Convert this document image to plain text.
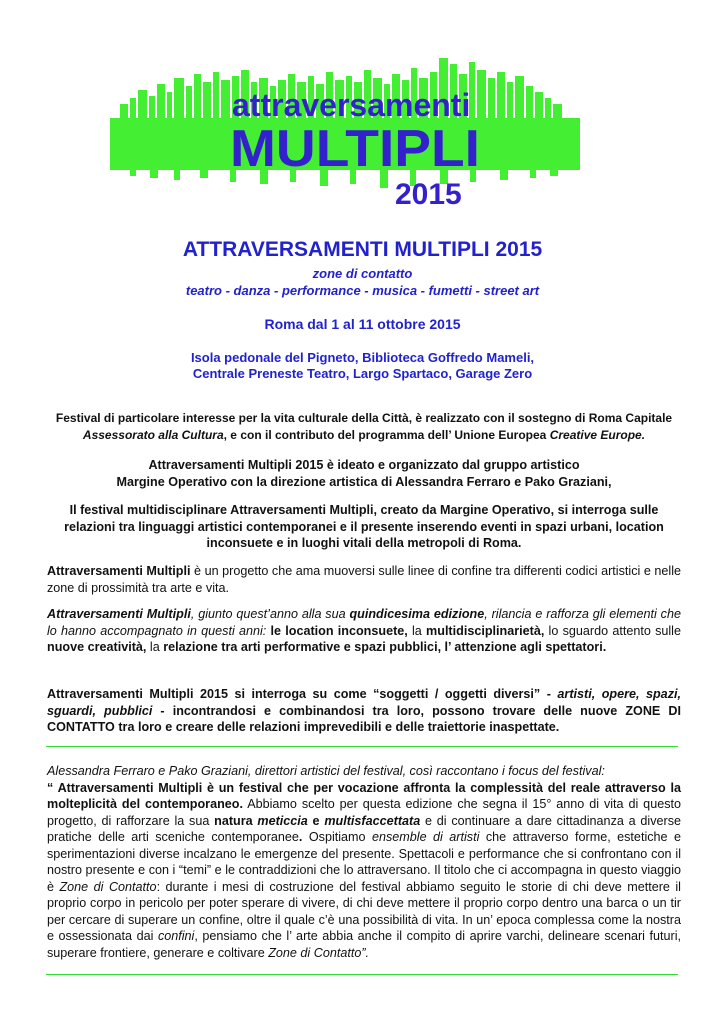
attraversamenti
MULTIPLI
2015
ATTRAVERSAMENTI MULTIPLI 2015
zone di contatto
teatro - danza - performance - musica - fumetti - street art
Roma dal 1 al 11 ottobre 2015
Isola pedonale del Pigneto, Biblioteca Goffredo Mameli,
Centrale Preneste Teatro, Largo Spartaco, Garage Zero
Festival di particolare interesse per la vita culturale della Città, è realizzato con il sostegno di Roma Capitale
Assessorato alla Cultura, e con il contributo del programma dell’ Unione Europea Creative Europe.
Attraversamenti Multipli 2015 è ideato e organizzato dal gruppo artistico
Margine Operativo con la direzione artistica di Alessandra Ferraro e Pako Graziani,
Il festival multidisciplinare Attraversamenti Multipli, creato da Margine Operativo, si interroga sulle relazioni tra linguaggi artistici contemporanei e il presente inserendo eventi in spazi urbani, location inconsuete e in luoghi vitali della metropoli di Roma.
Attraversamenti Multipli è un progetto che ama muoversi sulle linee di confine tra differenti codici artistici e nelle zone di prossimità tra arte e vita.
Attraversamenti Multipli, giunto quest’anno alla sua quindicesima edizione, rilancia e rafforza gli elementi che lo hanno accompagnato in questi anni: le location inconsuete, la multidisciplinarietà, lo sguardo attento sulle nuove creatività, la relazione tra arti performative e spazi pubblici, l’ attenzione agli spettatori.
Attraversamenti Multipli 2015 si interroga su come “soggetti / oggetti diversi” - artisti, opere, spazi, sguardi, pubblici - incontrandosi e combinandosi tra loro, possono trovare delle nuove ZONE DI CONTATTO tra loro e creare delle relazioni imprevedibili e delle traiettorie inaspettate.
Alessandra Ferraro e Pako Graziani, direttori artistici del festival, così raccontano i focus del festival:
“ Attraversamenti Multipli è un festival che per vocazione affronta la complessità del reale attraverso la molteplicità del contemporaneo. Abbiamo scelto per questa edizione che segna il 15° anno di vita di questo progetto, di rafforzare la sua natura meticcia e multisfaccettata e di continuare a dare cittadinanza a diverse pratiche delle arti sceniche contemporanee. Ospitiamo ensemble di artisti che attraverso forme, estetiche e sperimentazioni diverse incalzano le emergenze del presente. Spettacoli e performance che si confrontano con il nostro presente e con i “temi” e le contraddizioni che lo attraversano. Il titolo che ci accompagna in questo viaggio è Zone di Contatto: durante i mesi di costruzione del festival abbiamo seguito le storie di chi deve mettere il proprio corpo in pericolo per poter sperare di vivere, di chi deve mettere il proprio corpo dentro una barca o un tir per cercare di superare un confine, oltre il quale c’è una possibilità di vita. In un’ epoca complessa come la nostra e ossessionata dai confini, pensiamo che l’ arte abbia anche il compito di aprire varchi, delineare scenari futuri, superare frontiere, generare e coltivare Zone di Contatto”.
